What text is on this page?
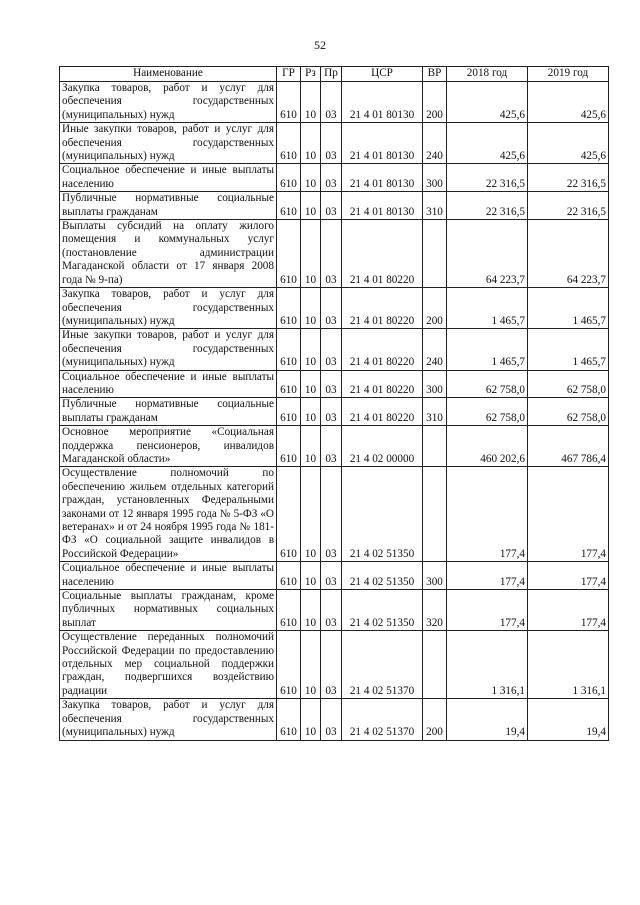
52
Наименование	ГР	Рз	Пр	ЦСР	ВР	2018 год	2019 год
Закупка товаров, работ и услуг для обеспечения государственных (муниципальных) нужд	610	10	03	21 4 01 80130	200	425,6	425,6
Иные закупки товаров, работ и услуг для обеспечения государственных (муниципальных) нужд	610	10	03	21 4 01 80130	240	425,6	425,6
Социальное обеспечение и иные выплаты населению	610	10	03	21 4 01 80130	300	22 316,5	22 316,5
Публичные нормативные социальные выплаты гражданам	610	10	03	21 4 01 80130	310	22 316,5	22 316,5
Выплаты субсидий на оплату жилого помещения и коммунальных услуг (постановление администрации Магаданской области от 17 января 2008 года № 9-па)	610	10	03	21 4 01 80220		64 223,7	64 223,7
Закупка товаров, работ и услуг для обеспечения государственных (муниципальных) нужд	610	10	03	21 4 01 80220	200	1 465,7	1 465,7
Иные закупки товаров, работ и услуг для обеспечения государственных (муниципальных) нужд	610	10	03	21 4 01 80220	240	1 465,7	1 465,7
Социальное обеспечение и иные выплаты населению	610	10	03	21 4 01 80220	300	62 758,0	62 758,0
Публичные нормативные социальные выплаты гражданам	610	10	03	21 4 01 80220	310	62 758,0	62 758,0
Основное мероприятие «Социальная поддержка пенсионеров, инвалидов Магаданской области»	610	10	03	21 4 02 00000		460 202,6	467 786,4
Осуществление полномочий по обеспечению жильем отдельных категорий граждан, установленных Федеральными законами от 12 января 1995 года № 5-ФЗ «О ветеранах» и от 24 ноября 1995 года № 181-ФЗ «О социальной защите инвалидов в Российской Федерации»	610	10	03	21 4 02 51350		177,4	177,4
Социальное обеспечение и иные выплаты населению	610	10	03	21 4 02 51350	300	177,4	177,4
Социальные выплаты гражданам, кроме публичных нормативных социальных выплат	610	10	03	21 4 02 51350	320	177,4	177,4
Осуществление переданных полномочий Российской Федерации по предоставлению отдельных мер социальной поддержки граждан, подвергшихся воздействию радиации	610	10	03	21 4 02 51370		1 316,1	1 316,1
Закупка товаров, работ и услуг для обеспечения государственных (муниципальных) нужд	610	10	03	21 4 02 51370	200	19,4	19,4
